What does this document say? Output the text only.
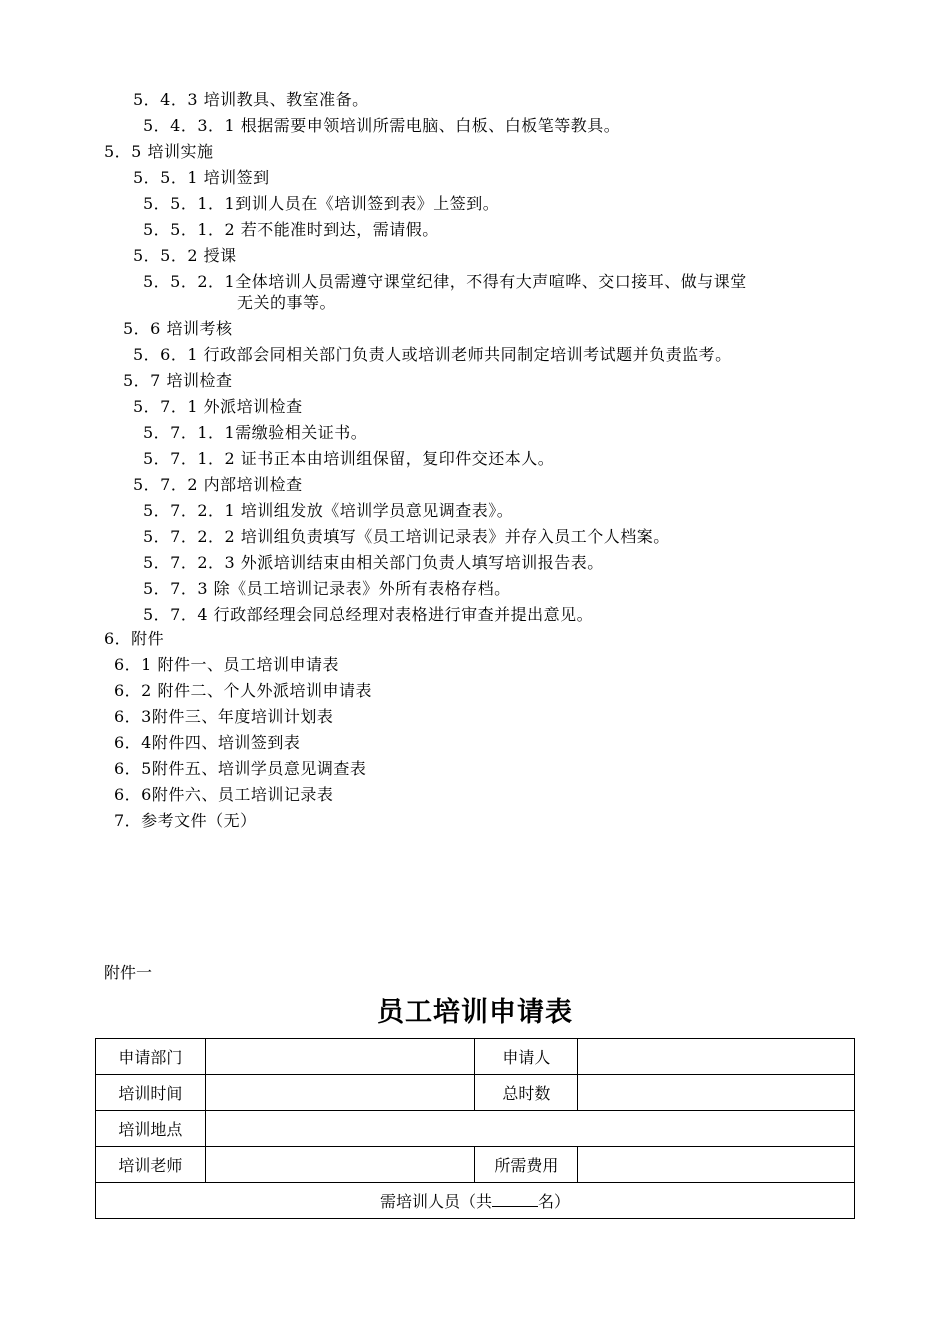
5．4．3 培训教具、教室准备。
5．4．3．1 根据需要申领培训所需电脑、白板、白板笔等教具。
5．5 培训实施
5．5．1 培训签到
5．5．1．1到训人员在《培训签到表》上签到。
5．5．1．2 若不能准时到达，需请假。
5．5．2 授课
5．5．2．1全体培训人员需遵守课堂纪律，不得有大声喧哗、交口接耳、做与课堂
无关的事等。
5．6 培训考核
5．6．1 行政部会同相关部门负责人或培训老师共同制定培训考试题并负责监考。
5．7 培训检查
5．7．1 外派培训检查
5．7．1．1需缴验相关证书。
5．7．1．2 证书正本由培训组保留，复印件交还本人。
5．7．2 内部培训检查
5．7．2．1 培训组发放《培训学员意见调查表》。
5．7．2．2 培训组负责填写《员工培训记录表》并存入员工个人档案。
5．7．2．3 外派培训结束由相关部门负责人填写培训报告表。
5．7．3 除《员工培训记录表》外所有表格存档。
5．7．4 行政部经理会同总经理对表格进行审查并提出意见。
6．附件
6．1 附件一、员工培训申请表
6．2 附件二、个人外派培训申请表
6．3附件三、年度培训计划表
6．4附件四、培训签到表
6．5附件五、培训学员意见调查表
6．6附件六、员工培训记录表
7．参考文件（无）
附件一
员工培训申请表
申请部门		申请人	
培训时间		总时数	
培训地点			
培训老师		所需费用	
需培训人员（共 名）			
